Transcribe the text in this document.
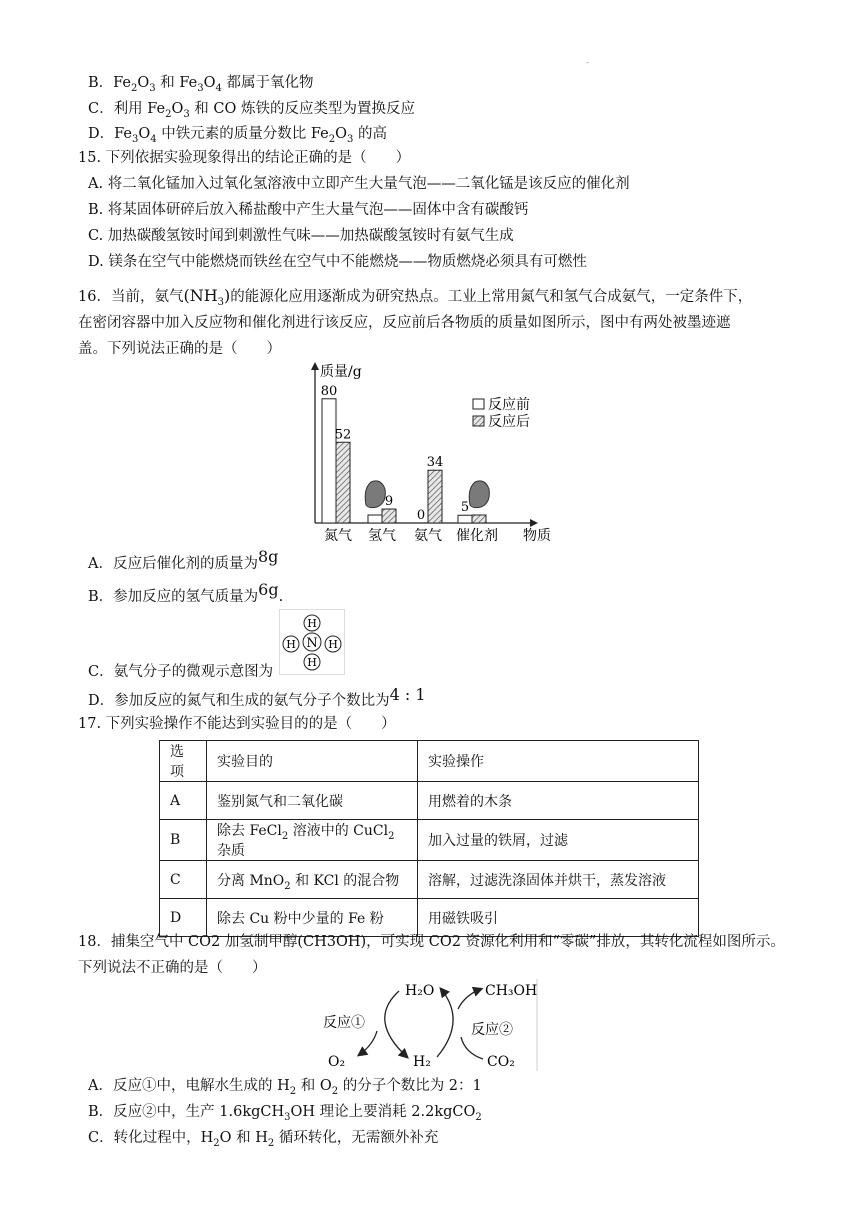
-
B．$Fe_2O_3$ 和 $Fe_3O_4$ 都属于氧化物
C．利用 $Fe_2O_3$ 和 CO 炼铁的反应类型为置换反应
D．$Fe_3O_4$ 中铁元素的质量分数比 $Fe_2O_3$ 的高
15. 下列依据实验现象得出的结论正确的是（　　）
A. 将二氧化锰加入过氧化氢溶液中立即产生大量气泡——二氧化锰是该反应的催化剂
B. 将某固体研碎后放入稀盐酸中产生大量气泡——固体中含有碳酸钙
C. 加热碳酸氢铵时闻到刺激性气味——加热碳酸氢铵时有氨气生成
D. 镁条在空气中能燃烧而铁丝在空气中不能燃烧——物质燃烧必须具有可燃性
16．当前，氨气$(NH_3)$的能源化应用逐渐成为研究热点。工业上常用氮气和氢气合成氨气，一定条件下，
在密闭容器中加入反应物和催化剂进行该反应，反应前后各物质的质量如图所示，图中有两处被墨迹遮
盖。下列说法正确的是（　　）
质量/g
物质
反应前
反应后
80
52
9
0
34
5
氮气 氢气 氨气 催化剂
A．反应后催化剂的质量为8g
B．参加反应的氢气质量为6g.
N
H
H	H
H
C．氨气分子的微观示意图为
D．参加反应的氮气和生成的氨气分子个数比为4 : 1
17. 下列实验操作不能达到实验目的的是（　　）
选项	实验目的	实验操作
A	鉴别氮气和二氧化碳	用燃着的木条
B	除去 FeCl$_2$ 溶液中的 CuCl$_2$ 杂质	加入过量的铁屑，过滤
C	分离 MnO$_2$ 和 KCl 的混合物	溶解，过滤洗涤固体并烘干，蒸发溶液
D	除去 Cu 粉中少量的 Fe 粉	用磁铁吸引
18．捕集空气中 CO2 加氢制甲醇(CH3OH)，可实现 CO2 资源化利用和“零碳”排放，其转化流程如图所示。
下列说法不正确的是（　　）
H₂O	CH₃OH
反应①	反应②
O₂	H₂	CO₂
A．反应①中，电解水生成的 $H_2$ 和 $O_2$ 的分子个数比为 2：1
B．反应②中，生产 1.6kgCH$_3$OH 理论上要消耗 2.2kgCO$_2$
C．转化过程中，$H_2O$ 和 $H_2$ 循环转化，无需额外补充
